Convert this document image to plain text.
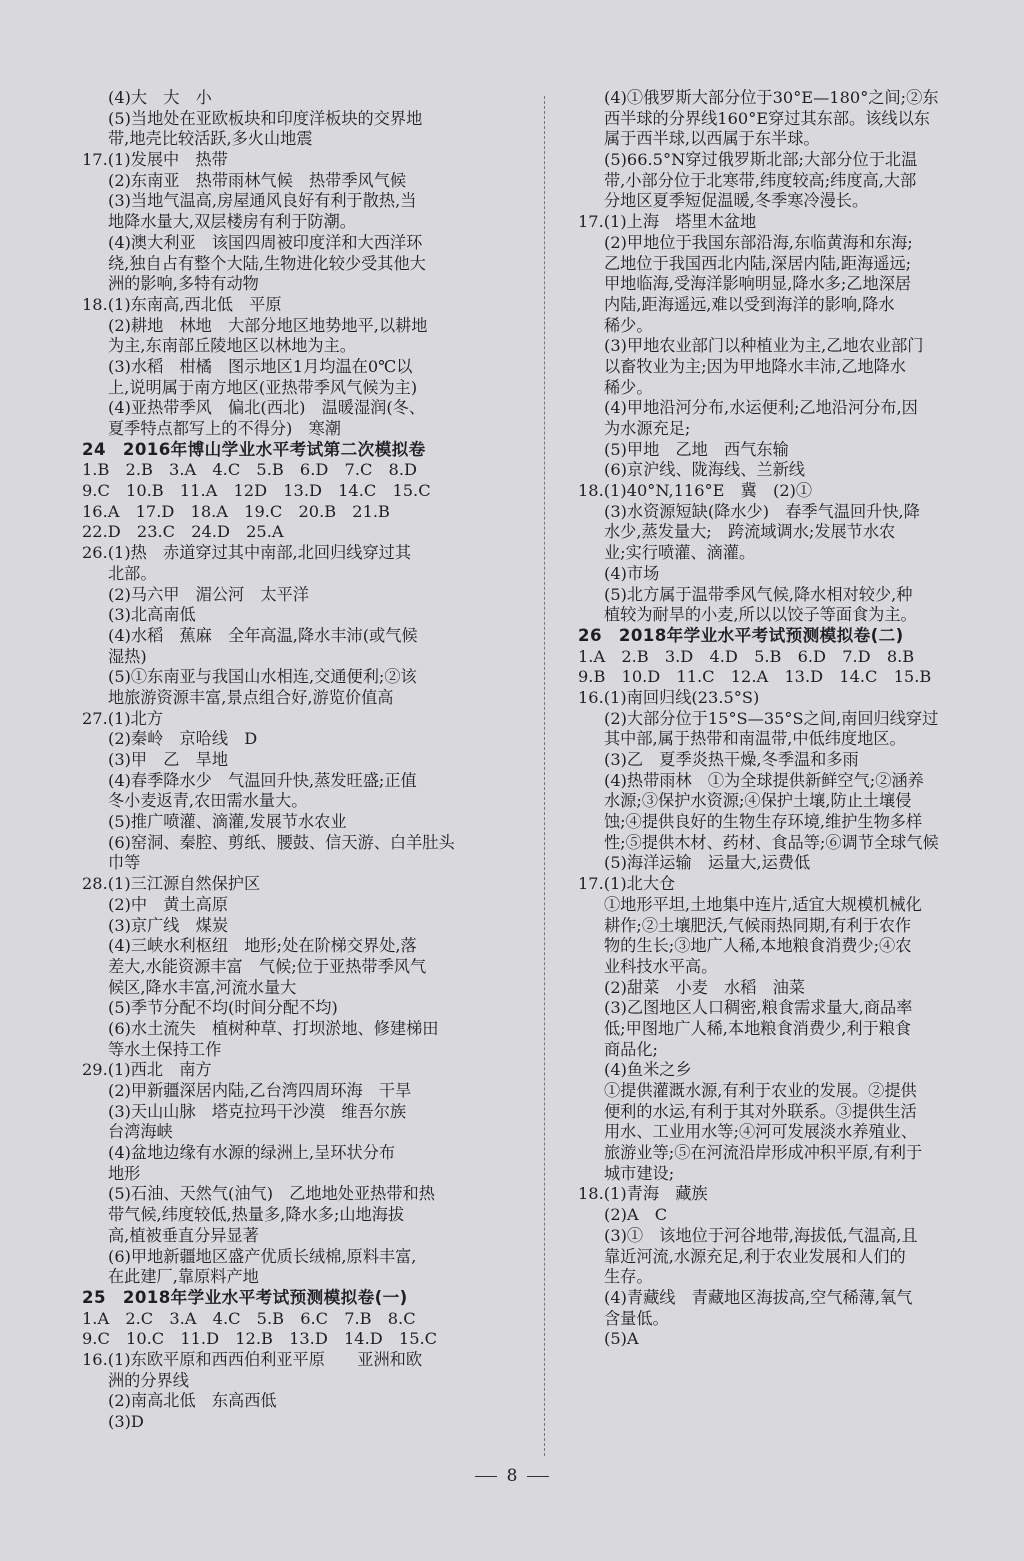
(4)大　大　小
(5)当地处在亚欧板块和印度洋板块的交界地
带,地壳比较活跃,多火山地震
17.(1)发展中　热带
(2)东南亚　热带雨林气候　热带季风气候
(3)当地气温高,房屋通风良好有利于散热,当
地降水量大,双层楼房有利于防潮。
(4)澳大利亚　该国四周被印度洋和大西洋环
绕,独自占有整个大陆,生物进化较少受其他大
洲的影响,多特有动物
18.(1)东南高,西北低　平原
(2)耕地　林地　大部分地区地势地平,以耕地
为主,东南部丘陵地区以林地为主。
(3)水稻　柑橘　图示地区1月均温在0℃以
上,说明属于南方地区(亚热带季风气候为主)
(4)亚热带季风　偏北(西北)　温暖湿润(冬、
夏季特点都写上的不得分)　寒潮
24　2016年博山学业水平考试第二次模拟卷
1.B　2.B　3.A　4.C　5.B　6.D　7.C　8.D
9.C　10.B　11.A　12D　13.D　14.C　15.C
16.A　17.D　18.A　19.C　20.B　21.B
22.D　23.C　24.D　25.A
26.(1)热　赤道穿过其中南部,北回归线穿过其
北部。
(2)马六甲　湄公河　太平洋
(3)北高南低
(4)水稻　蕉麻　全年高温,降水丰沛(或气候
湿热)
(5)①东南亚与我国山水相连,交通便利;②该
地旅游资源丰富,景点组合好,游览价值高
27.(1)北方
(2)秦岭　京哈线　D
(3)甲　乙　旱地
(4)春季降水少　气温回升快,蒸发旺盛;正值
冬小麦返青,农田需水量大。
(5)推广喷灌、滴灌,发展节水农业
(6)窑洞、秦腔、剪纸、腰鼓、信天游、白羊肚头
巾等
28.(1)三江源自然保护区
(2)中　黄土高原
(3)京广线　煤炭
(4)三峡水利枢纽　地形;处在阶梯交界处,落
差大,水能资源丰富　气候;位于亚热带季风气
候区,降水丰富,河流水量大
(5)季节分配不均(时间分配不均)
(6)水土流失　植树种草、打坝淤地、修建梯田
等水土保持工作
29.(1)西北　南方
(2)甲新疆深居内陆,乙台湾四周环海　干旱
(3)天山山脉　塔克拉玛干沙漠　维吾尔族
台湾海峡
(4)盆地边缘有水源的绿洲上,呈环状分布
地形
(5)石油、天然气(油气)　乙地地处亚热带和热
带气候,纬度较低,热量多,降水多;山地海拔
高,植被垂直分异显著
(6)甲地新疆地区盛产优质长绒棉,原料丰富,
在此建厂,靠原料产地
25　2018年学业水平考试预测模拟卷(一)
1.A　2.C　3.A　4.C　5.B　6.C　7.B　8.C
9.C　10.C　11.D　12.B　13.D　14.D　15.C
16.(1)东欧平原和西西伯利亚平原　　亚洲和欧
洲的分界线
(2)南高北低　东高西低
(3)D
(4)①俄罗斯大部分位于30°E—180°之间;②东
西半球的分界线160°E穿过其东部。该线以东
属于西半球,以西属于东半球。
(5)66.5°N穿过俄罗斯北部;大部分位于北温
带,小部分位于北寒带,纬度较高;纬度高,大部
分地区夏季短促温暖,冬季寒冷漫长。
17.(1)上海　塔里木盆地
(2)甲地位于我国东部沿海,东临黄海和东海;
乙地位于我国西北内陆,深居内陆,距海遥远;
甲地临海,受海洋影响明显,降水多;乙地深居
内陆,距海遥远,难以受到海洋的影响,降水
稀少。
(3)甲地农业部门以种植业为主,乙地农业部门
以畜牧业为主;因为甲地降水丰沛,乙地降水
稀少。
(4)甲地沿河分布,水运便利;乙地沿河分布,因
为水源充足;
(5)甲地　乙地　西气东输
(6)京沪线、陇海线、兰新线
18.(1)40°N,116°E　冀　(2)①
(3)水资源短缺(降水少)　春季气温回升快,降
水少,蒸发量大;　跨流域调水;发展节水农
业;实行喷灌、滴灌。
(4)市场
(5)北方属于温带季风气候,降水相对较少,种
植较为耐旱的小麦,所以以饺子等面食为主。
26　2018年学业水平考试预测模拟卷(二)
1.A　2.B　3.D　4.D　5.B　6.D　7.D　8.B
9.B　10.D　11.C　12.A　13.D　14.C　15.B
16.(1)南回归线(23.5°S)
(2)大部分位于15°S—35°S之间,南回归线穿过
其中部,属于热带和南温带,中低纬度地区。
(3)乙　夏季炎热干燥,冬季温和多雨
(4)热带雨林　①为全球提供新鲜空气;②涵养
水源;③保护水资源;④保护土壤,防止土壤侵
蚀;④提供良好的生物生存环境,维护生物多样
性;⑤提供木材、药材、食品等;⑥调节全球气候
(5)海洋运输　运量大,运费低
17.(1)北大仓
①地形平坦,土地集中连片,适宜大规模机械化
耕作;②土壤肥沃,气候雨热同期,有利于农作
物的生长;③地广人稀,本地粮食消费少;④农
业科技水平高。
(2)甜菜　小麦　水稻　油菜
(3)乙图地区人口稠密,粮食需求量大,商品率
低;甲图地广人稀,本地粮食消费少,利于粮食
商品化;
(4)鱼米之乡
①提供灌溉水源,有利于农业的发展。②提供
便利的水运,有利于其对外联系。③提供生活
用水、工业用水等;④河可发展淡水养殖业、
旅游业等;⑤在河流沿岸形成冲积平原,有利于
城市建设;
18.(1)青海　藏族
(2)A　C
(3)①　该地位于河谷地带,海拔低,气温高,且
靠近河流,水源充足,利于农业发展和人们的
生存。
(4)青藏线　青藏地区海拔高,空气稀薄,氧气
含量低。
(5)A
8
